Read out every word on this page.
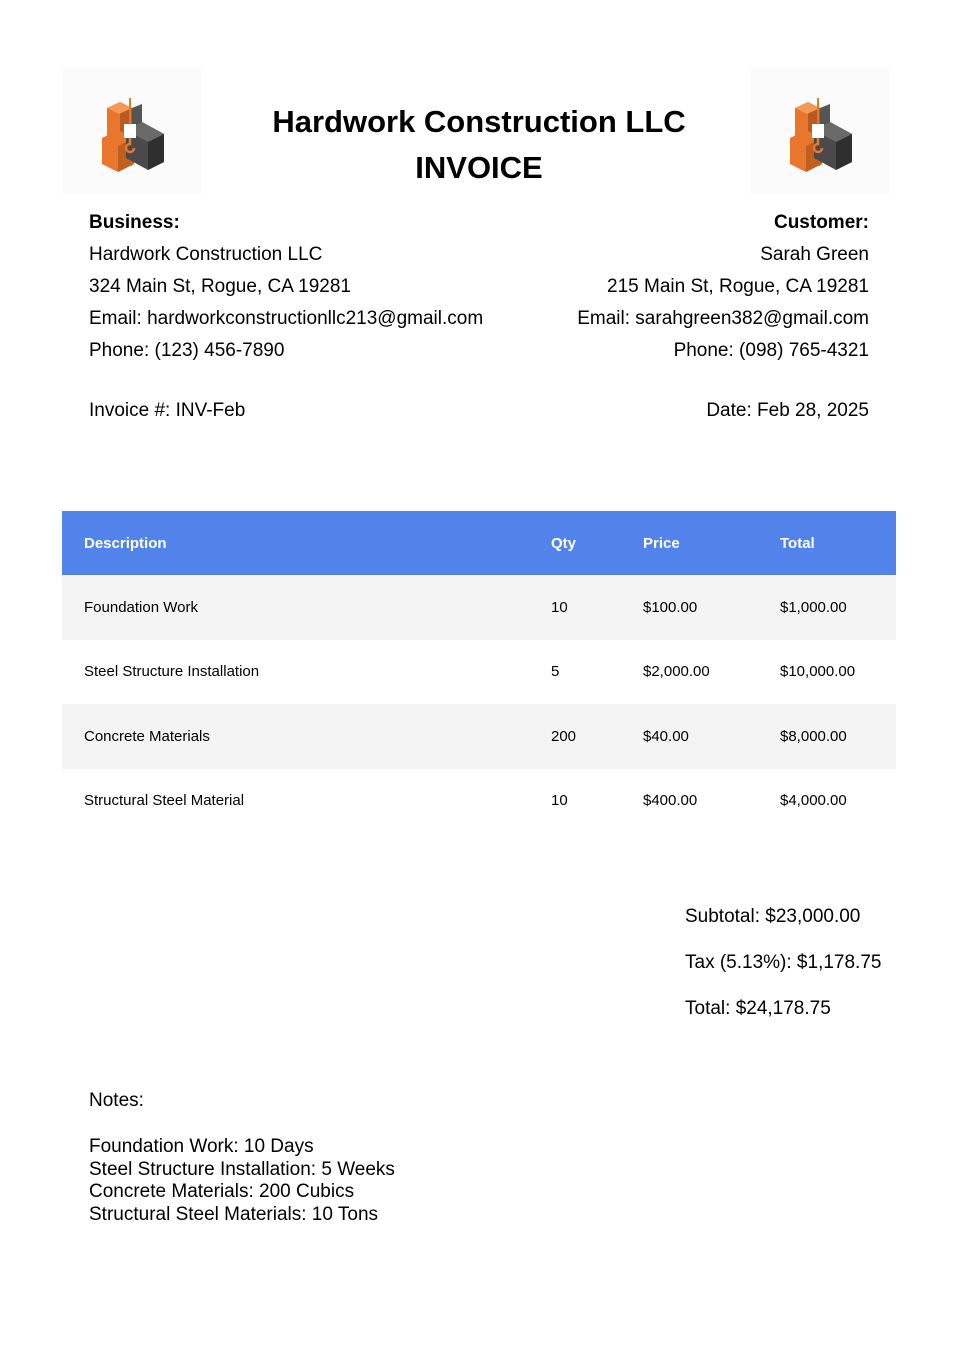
Hardwork Construction LLC
INVOICE
Business:
Hardwork Construction LLC
324 Main St, Rogue, CA 19281
Email: hardworkconstructionllc213@gmail.com
Phone: (123) 456-7890
Customer:
Sarah Green
215 Main St, Rogue, CA 19281
Email: sarahgreen382@gmail.com
Phone: (098) 765-4321
Invoice #: INV-Feb	Date: Feb 28, 2025
Description	Qty	Price	Total
Foundation Work	10	$100.00	$1,000.00
Steel Structure Installation	5	$2,000.00	$10,000.00
Concrete Materials	200	$40.00	$8,000.00
Structural Steel Material	10	$400.00	$4,000.00
Subtotal: $23,000.00
Tax (5.13%): $1,178.75
Total: $24,178.75
Notes:
Foundation Work: 10 Days
Steel Structure Installation: 5 Weeks
Concrete Materials: 200 Cubics
Structural Steel Materials: 10 Tons
